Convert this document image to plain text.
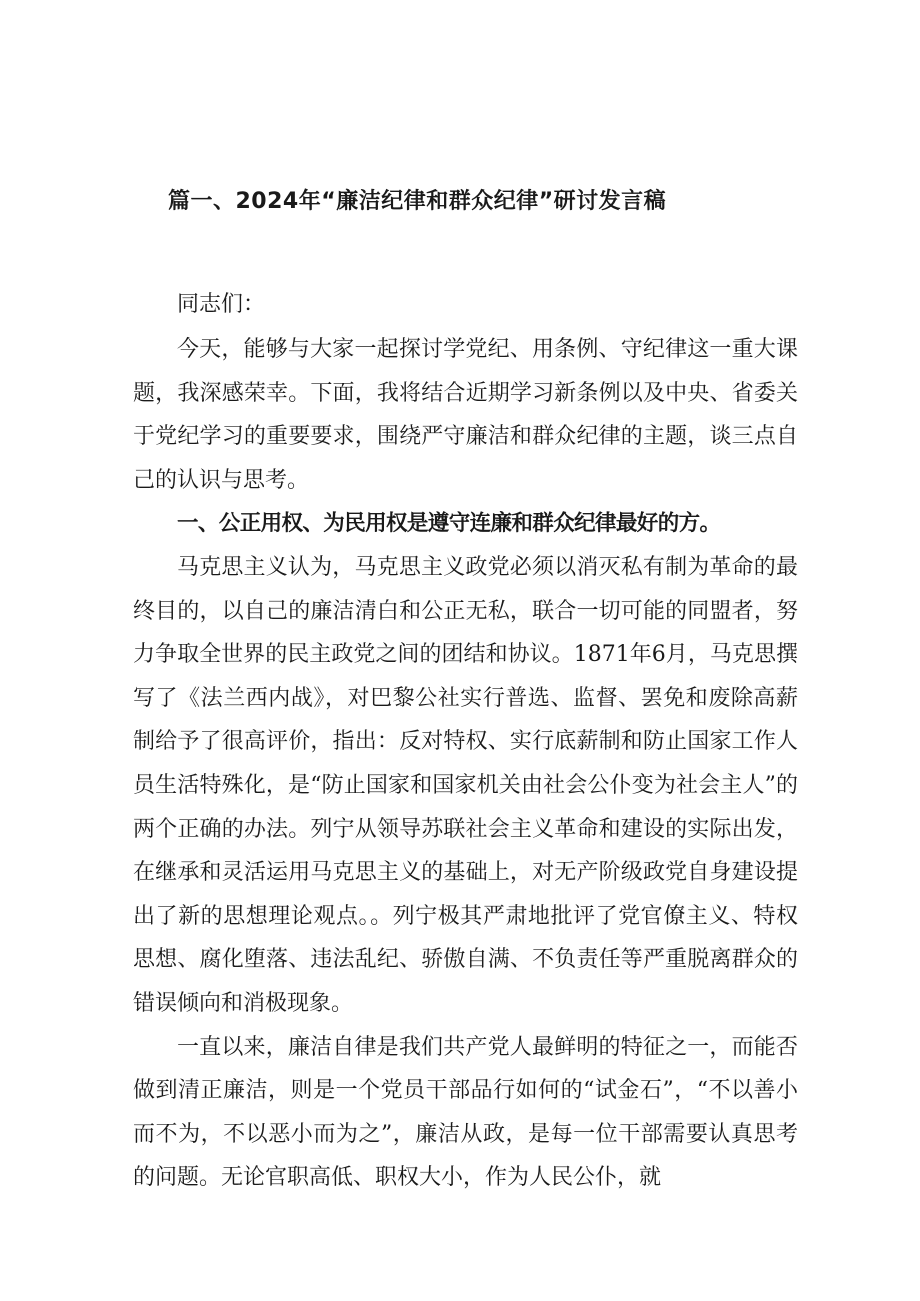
篇一、2024年“廉洁纪律和群众纪律”研讨发言稿
同志们：

今天，能够与大家一起探讨学党纪、用条例、守纪律这一重大课题，我深感荣幸。下面，我将结合近期学习新条例以及中央、省委关于党纪学习的重要要求，围绕严守廉洁和群众纪律的主题，谈三点自己的认识与思考。

一、公正用权、为民用权是遵守连廉和群众纪律最好的方。

马克思主义认为，马克思主义政党必须以消灭私有制为革命的最终目的，以自己的廉洁清白和公正无私，联合一切可能的同盟者，努力争取全世界的民主政党之间的团结和协议。1871年6月，马克思撰写了《法兰西内战》，对巴黎公社实行普选、监督、罢免和废除高薪制给予了很高评价，指出：反对特权、实行底薪制和防止国家工作人员生活特殊化，是“防止国家和国家机关由社会公仆变为社会主人”的两个正确的办法。列宁从领导苏联社会主义革命和建设的实际出发，在继承和灵活运用马克思主义的基础上，对无产阶级政党自身建设提出了新的思想理论观点。。列宁极其严肃地批评了党官僚主义、特权思想、腐化堕落、违法乱纪、骄傲自满、不负责任等严重脱离群众的错误倾向和消极现象。

一直以来，廉洁自律是我们共产党人最鲜明的特征之一，而能否做到清正廉洁，则是一个党员干部品行如何的“试金石”，“不以善小而不为，不以恶小而为之”，廉洁从政，是每一位干部需要认真思考的问题。无论官职高低、职权大小，作为人民公仆，就
